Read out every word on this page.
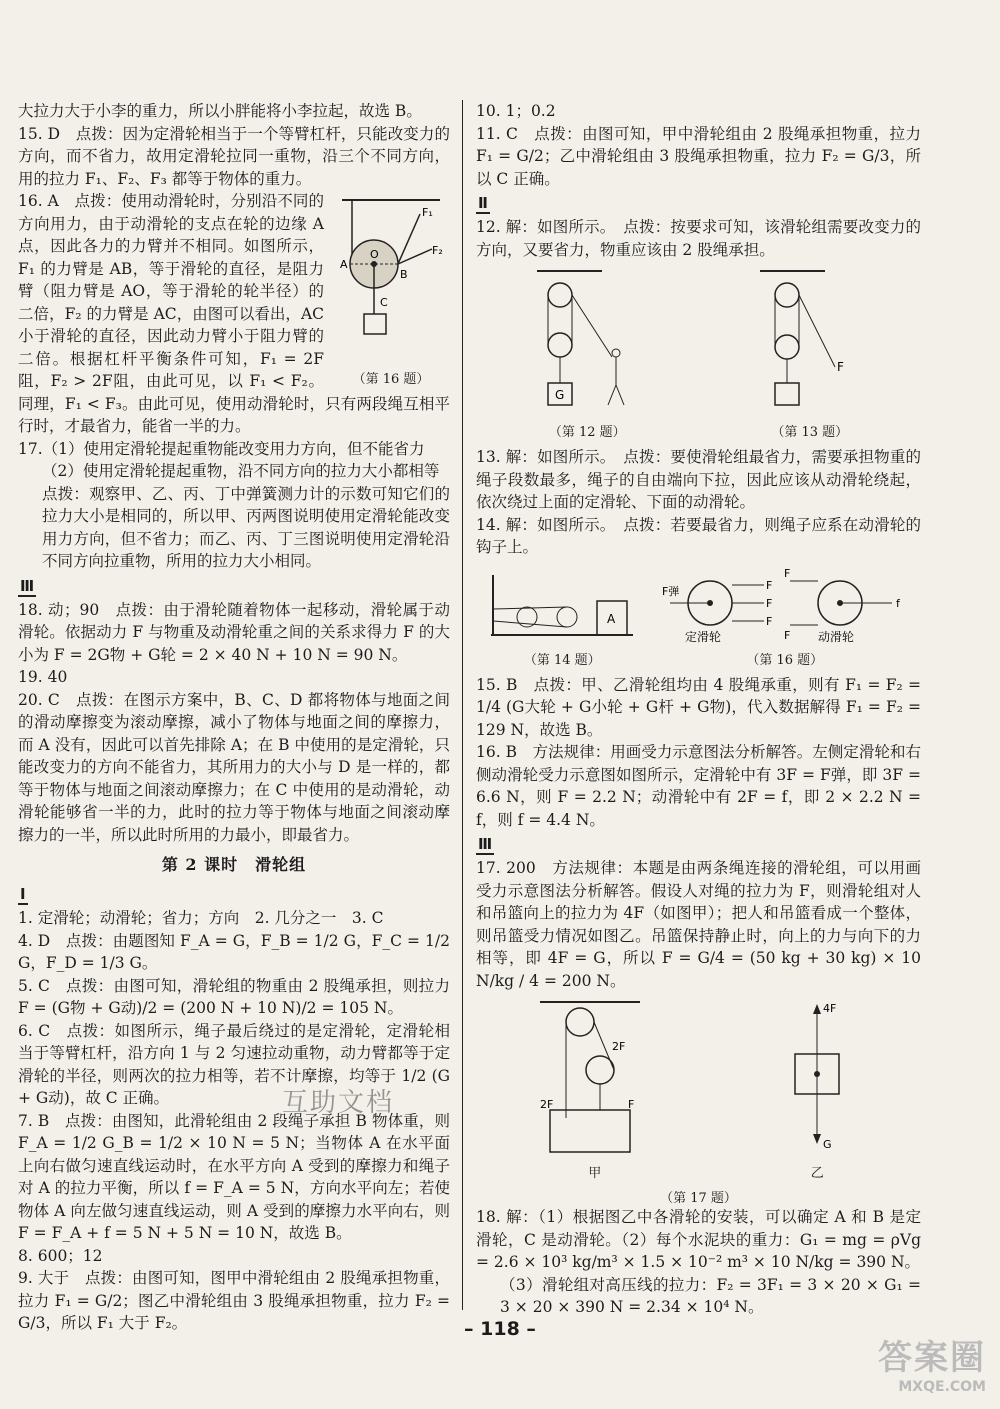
大拉力大于小李的重力，所以小胖能将小李拉起，故选 B。

15. D　点拨：因为定滑轮相当于一个等臂杠杆，只能改变力的方向，而不省力，故用定滑轮拉同一重物，沿三个不同方向，用的拉力 F₁、F₂、F₃ 都等于物体的重力。

A
O
B
C
F₁
F₂
（第 16 题）

16. A　点拨：使用动滑轮时，分别沿不同的方向用力，由于动滑轮的支点在轮的边缘 A 点，因此各力的力臂并不相同。如图所示，F₁ 的力臂是 AB，等于滑轮的直径，是阻力臂（阻力臂是 AO，等于滑轮的轮半径）的二倍，F₂ 的力臂是 AC，由图可以看出，AC 小于滑轮的直径，因此动力臂小于阻力臂的二倍。根据杠杆平衡条件可知，F₁ = 2F阻，F₂ > 2F阻，由此可见，以 F₁ < F₂。同理，F₁ < F₃。由此可见，使用动滑轮时，只有两段绳互相平行时，才最省力，能省一半的力。

17.（1）使用定滑轮提起重物能改变用力方向，但不能省力

（2）使用定滑轮提起重物，沿不同方向的拉力大小都相等

点拨：观察甲、乙、丙、丁中弹簧测力计的示数可知它们的拉力大小是相同的，所以甲、丙两图说明使用定滑轮能改变用力方向，但不省力；而乙、丙、丁三图说明使用定滑轮沿不同方向拉重物，所用的拉力大小相同。

Ⅲ

18. 动；90　点拨：由于滑轮随着物体一起移动，滑轮属于动滑轮。依据动力 F 与物重及动滑轮重之间的关系求得力 F 的大小为 F = 2G物 + G轮 = 2 × 40 N + 10 N = 90 N。

19. 40

20. C　点拨：在图示方案中，B、C、D 都将物体与地面之间的滑动摩擦变为滚动摩擦，减小了物体与地面之间的摩擦力，而 A 没有，因此可以首先排除 A；在 B 中使用的是定滑轮，只能改变力的方向不能省力，其所用力的大小与 D 是一样的，都等于物体与地面之间滚动摩擦力；在 C 中使用的是动滑轮，动滑轮能够省一半的力，此时的拉力等于物体与地面之间滚动摩擦力的一半，所以此时所用的力最小，即最省力。

第 2 课时　滑轮组
Ⅰ

1. 定滑轮；动滑轮；省力；方向　2. 几分之一　3. C

4. D　点拨：由题图知 F_A = G，F_B = 1/2 G，F_C = 1/2 G，F_D = 1/3 G。

5. C　点拨：由图可知，滑轮组的物重由 2 股绳承担，则拉力 F = (G物 + G动)/2 = (200 N + 10 N)/2 = 105 N。

6. C　点拨：如图所示，绳子最后绕过的是定滑轮，定滑轮相当于等臂杠杆，沿方向 1 与 2 匀速拉动重物，动力臂都等于定滑轮的半径，则两次的拉力相等，若不计摩擦，均等于 1/2 (G + G动)，故 C 正确。

7. B　点拨：由图知，此滑轮组由 2 段绳子承担 B 物体重，则 F_A = 1/2 G_B = 1/2 × 10 N = 5 N；当物体 A 在水平面上向右做匀速直线运动时，在水平方向 A 受到的摩擦力和绳子对 A 的拉力平衡，所以 f = F_A = 5 N，方向水平向左；若使物体 A 向左做匀速直线运动，则 A 受到的摩擦力水平向右，则 F = F_A + f = 5 N + 5 N = 10 N，故选 B。

8. 600；12

9. 大于　点拨：由图可知，图甲中滑轮组由 2 股绳承担物重，拉力 F₁ = G/2；图乙中滑轮组由 3 股绳承担物重，拉力 F₂ = G/3，所以 F₁ 大于 F₂。

互助文档

10. 1；0.2

11. C　点拨：由图可知，甲中滑轮组由 2 股绳承担物重，拉力 F₁ = G/2；乙中滑轮组由 3 股绳承担物重，拉力 F₂ = G/3，所以 C 正确。

Ⅱ

12. 解：如图所示。　点拨：按要求可知，该滑轮组需要改变力的方向，又要省力，物重应该由 2 股绳承担。

G
（第 12 题）
F
（第 13 题）

13. 解：如图所示。　点拨：要使滑轮组最省力，需要承担物重的绳子段数最多，绳子的自由端向下拉，因此应该从动滑轮绕起，依次绕过上面的定滑轮、下面的动滑轮。

14. 解：如图所示。　点拨：若要最省力，则绳子应系在动滑轮的钩子上。

A
（第 14 题）
F弹	F
F
F
F
F
f
定滑轮	动滑轮
（第 16 题）

15. B　点拨：甲、乙滑轮组均由 4 股绳承重，则有 F₁ = F₂ = 1/4 (G大轮 + G小轮 + G杆 + G物)，代入数据解得 F₁ = F₂ = 129 N，故选 B。

16. B　方法规律：用画受力示意图法分析解答。左侧定滑轮和右侧动滑轮受力示意图如图所示，定滑轮中有 3F = F弹，即 3F = 6.6 N，则 F = 2.2 N；动滑轮中有 2F = f，即 2 × 2.2 N = f，则 f = 4.4 N。

Ⅲ

17. 200　方法规律：本题是由两条绳连接的滑轮组，可以用画受力示意图法分析解答。假设人对绳的拉力为 F，则滑轮组对人和吊篮向上的拉力为 4F（如图甲）；把人和吊篮看成一个整体，则吊篮受力情况如图乙。吊篮保持静止时，向上的力与向下的力相等，即 4F = G，所以 F = G/4 = (50 kg + 30 kg) × 10 N/kg / 4 = 200 N。

2F
2F	F
甲
4F
G
乙
（第 17 题）

18. 解：（1）根据图乙中各滑轮的安装，可以确定 A 和 B 是定滑轮，C 是动滑轮。（2）每个水泥块的重力：G₁ = mg = ρVg = 2.6 × 10³ kg/m³ × 1.5 × 10⁻² m³ × 10 N/kg = 390 N。

（3）滑轮组对高压线的拉力：F₂ = 3F₁ = 3 × 20 × G₁ = 3 × 20 × 390 N = 2.34 × 10⁴ N。

– 118 –
答案圈
MXQE.COM
